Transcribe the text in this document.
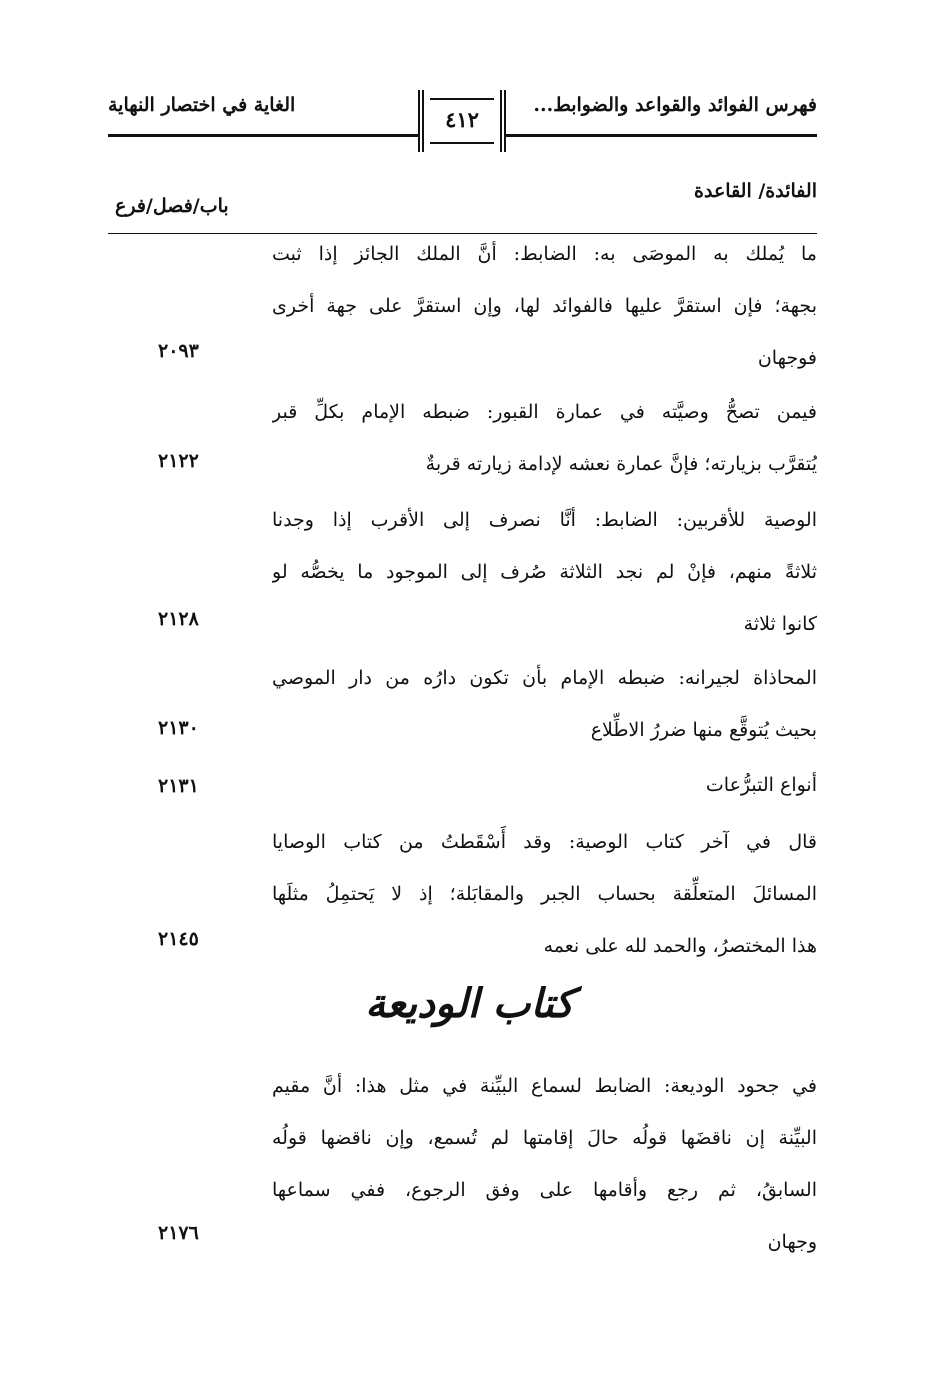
فهرس الفوائد والقواعد والضوابط...
الغاية في اختصار النهاية
٤١٢
الفائدة/ القاعدة
باب/فصل/فرع
ما يُملك به الموصَى به: الضابط: أنَّ الملك الجائز إذا ثبت
بجهة؛ فإن استقرَّ عليها فالفوائد لها، وإن استقرَّ على جهة أخرى
فوجهان
٢٠٩٣
فيمن تصحُّ وصيَّته في عمارة القبور: ضبطه الإمام بكلِّ قبر
يُتقرَّب بزيارته؛ فإنَّ عمارة نعشه لإدامة زيارته قربةٌ
٢١٢٢
الوصية للأقربين: الضابط: أنَّا نصرف إلى الأقرب إذا وجدنا
ثلاثةً منهم، فإنْ لم نجد الثلاثة صُرف إلى الموجود ما يخصُّه لو
كانوا ثلاثة
٢١٢٨
المحاذاة لجيرانه: ضبطه الإمام بأن تكون دارُه من دار الموصي
بحيث يُتوقَّع منها ضررُ الاطِّلاع
٢١٣٠
أنواع التبرُّعات
٢١٣١
قال في آخر كتاب الوصية: وقد أَسْقَطتُ من كتاب الوصايا
المسائلَ المتعلِّقة بحساب الجبر والمقابَلة؛ إذ لا يَحتمِلُ مثلَها
هذا المختصرُ، والحمد لله على نعمه
٢١٤٥
كتاب الوديعة
في جحود الوديعة: الضابط لسماع البيِّنة في مثل هذا: أنَّ مقيم
البيِّنة إن ناقضَها قولُه حالَ إقامتها لم تُسمع، وإن ناقضها قولُه
السابقُ، ثم رجع وأقامها على وفق الرجوع، ففي سماعها
وجهان
٢١٧٦
